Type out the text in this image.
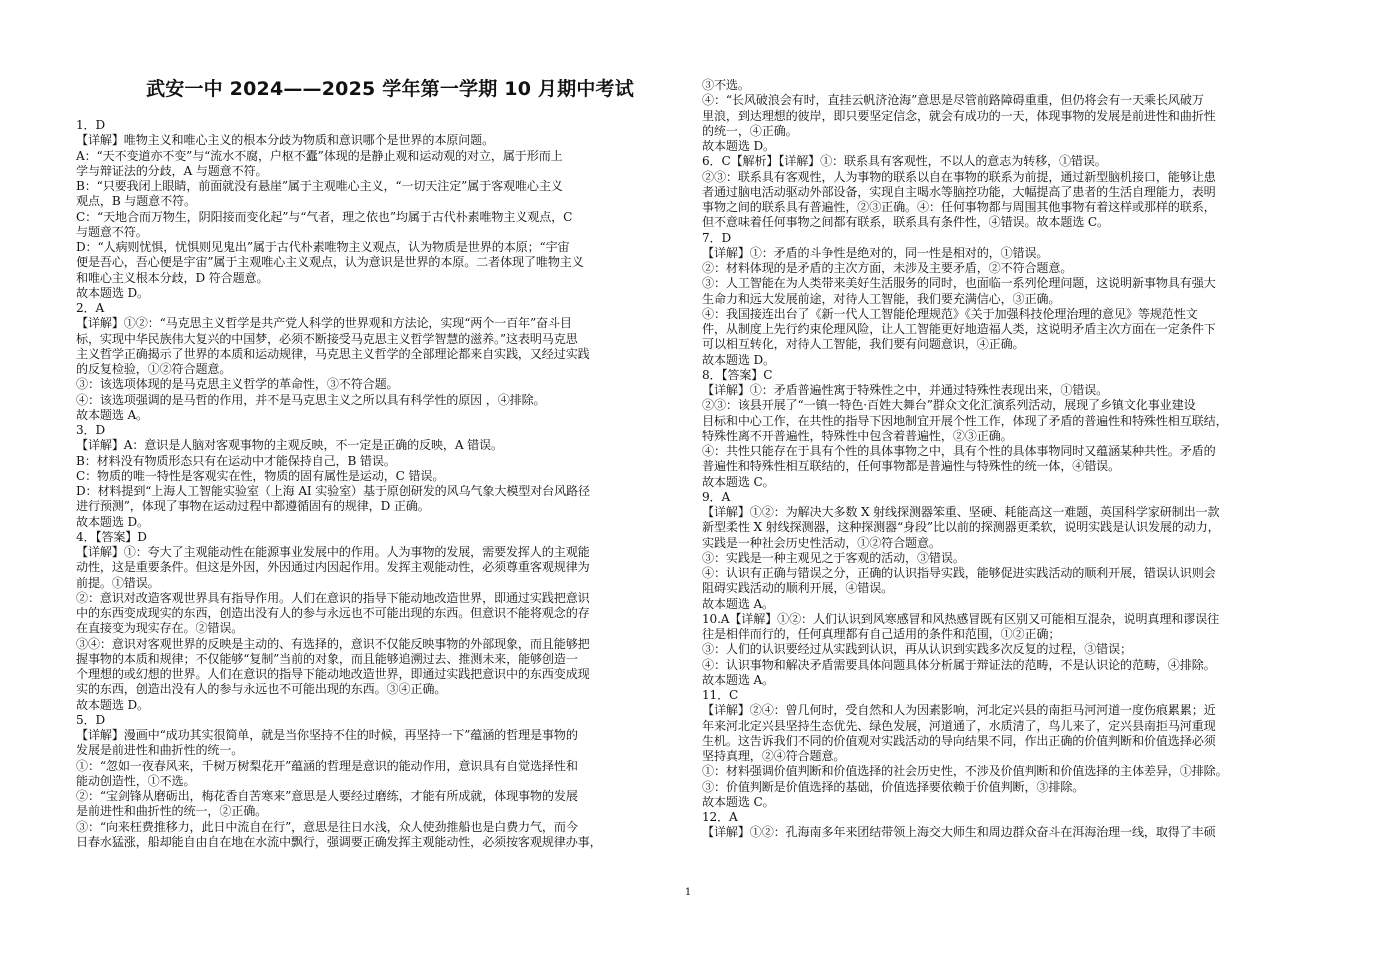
武安一中 2024——2025 学年第一学期 10 月期中考试
1．D
【详解】唯物主义和唯心主义的根本分歧为物质和意识哪个是世界的本原问题。
A：“天不变道亦不变”与“流水不腐，户枢不蠹”体现的是静止观和运动观的对立，属于形而上
学与辩证法的分歧，A 与题意不符。
B：“只要我闭上眼睛，前面就没有悬崖”属于主观唯心主义，“一切天注定”属于客观唯心主义
观点，B 与题意不符。
C：“天地合而万物生，阴阳接而变化起”与“气者，理之依也”均属于古代朴素唯物主义观点，C
与题意不符。
D：“人病则忧惧，忧惧则见鬼出”属于古代朴素唯物主义观点，认为物质是世界的本原；“宇宙
便是吾心，吾心便是宇宙”属于主观唯心主义观点，认为意识是世界的本原。二者体现了唯物主义
和唯心主义根本分歧，D 符合题意。
故本题选 D。
2．A
【详解】①②：“马克思主义哲学是共产党人科学的世界观和方法论，实现“两个一百年”奋斗目
标，实现中华民族伟大复兴的中国梦，必须不断接受马克思主义哲学智慧的滋养。”这表明马克思
主义哲学正确揭示了世界的本质和运动规律，马克思主义哲学的全部理论都来自实践，又经过实践
的反复检验，①②符合题意。
③：该选项体现的是马克思主义哲学的革命性，③不符合题。
④：该选项强调的是马哲的作用，并不是马克思主义之所以具有科学性的原因 ，④排除。
故本题选 A。
3．D
【详解】A：意识是人脑对客观事物的主观反映，不一定是正确的反映，A 错误。
B：材料没有物质形态只有在运动中才能保持自己，B 错误。
C：物质的唯一特性是客观实在性，物质的固有属性是运动，C 错误。
D：材料提到“上海人工智能实验室（上海 AI 实验室）基于原创研发的风乌气象大模型对台风路径
进行预测”，体现了事物在运动过程中都遵循固有的规律，D 正确。
故本题选 D。
4．【答案】D
【详解】①：夸大了主观能动性在能源事业发展中的作用。人为事物的发展，需要发挥人的主观能
动性，这是重要条件。但这是外因，外因通过内因起作用。发挥主观能动性，必须尊重客观规律为
前提。①错误。
②：意识对改造客观世界具有指导作用。人们在意识的指导下能动地改造世界，即通过实践把意识
中的东西变成现实的东西，创造出没有人的参与永远也不可能出现的东西。但意识不能将观念的存
在直接变为现实存在。②错误。
③④：意识对客观世界的反映是主动的、有选择的，意识不仅能反映事物的外部现象，而且能够把
握事物的本质和规律；不仅能够“复制”当前的对象，而且能够追溯过去、推测未来，能够创造一
个理想的或幻想的世界。人们在意识的指导下能动地改造世界，即通过实践把意识中的东西变成现
实的东西，创造出没有人的参与永远也不可能出现的东西。③④正确。
故本题选 D。
5．D
【详解】漫画中“成功其实很简单，就是当你坚持不住的时候，再坚持一下”蕴涵的哲理是事物的
发展是前进性和曲折性的统一。
①：“忽如一夜春风来，千树万树梨花开”蕴涵的哲理是意识的能动作用，意识具有自觉选择性和
能动创造性，①不选。
②：“宝剑锋从磨砺出，梅花香自苦寒来”意思是人要经过磨练，才能有所成就，体现事物的发展
是前进性和曲折性的统一，②正确。
③：“向来枉费推移力，此日中流自在行”，意思是往日水浅，众人使劲推船也是白费力气，而今
日春水猛涨，船却能自由自在地在水流中飘行，强调要正确发挥主观能动性，必须按客观规律办事，
③不选。
④：“长风破浪会有时，直挂云帆济沧海”意思是尽管前路障碍重重，但仍将会有一天乘长风破万
里浪，到达理想的彼岸，即只要坚定信念，就会有成功的一天，体现事物的发展是前进性和曲折性
的统一，④正确。
故本题选 D。
6．C【解析】【详解】①：联系具有客观性，不以人的意志为转移，①错误。
②③：联系具有客观性，人为事物的联系以自在事物的联系为前提，通过新型脑机接口，能够让患
者通过脑电活动驱动外部设备，实现自主喝水等脑控功能，大幅提高了患者的生活自理能力，表明
事物之间的联系具有普遍性，②③正确。④：任何事物都与周围其他事物有着这样或那样的联系，
但不意味着任何事物之间都有联系，联系具有条件性，④错误。故本题选 C。
7．D
【详解】①：矛盾的斗争性是绝对的，同一性是相对的，①错误。
②：材料体现的是矛盾的主次方面，未涉及主要矛盾，②不符合题意。
③：人工智能在为人类带来美好生活服务的同时，也面临一系列伦理问题，这说明新事物具有强大
生命力和远大发展前途，对待人工智能，我们要充满信心，③正确。
④：我国接连出台了《新一代人工智能伦理规范》《关于加强科技伦理治理的意见》等规范性文
件，从制度上先行约束伦理风险，让人工智能更好地造福人类，这说明矛盾主次方面在一定条件下
可以相互转化，对待人工智能，我们要有问题意识，④正确。
故本题选 D。
8．【答案】C
【详解】①：矛盾普遍性寓于特殊性之中，并通过特殊性表现出来，①错误。
②③：该县开展了“一镇一特色·百姓大舞台”群众文化汇演系列活动，展现了乡镇文化事业建设
目标和中心工作，在共性的指导下因地制宜开展个性工作，体现了矛盾的普遍性和特殊性相互联结，
特殊性离不开普遍性，特殊性中包含着普遍性，②③正确。
④：共性只能存在于具有个性的具体事物之中，具有个性的具体事物同时又蕴涵某种共性。矛盾的
普遍性和特殊性相互联结的，任何事物都是普遍性与特殊性的统一体，④错误。
故本题选 C。
9．A
【详解】①②：为解决大多数 X 射线探测器笨重、坚硬、耗能高这一难题，英国科学家研制出一款
新型柔性 X 射线探测器，这种探测器“身段”比以前的探测器更柔软，说明实践是认识发展的动力，
实践是一种社会历史性活动，①②符合题意。
③：实践是一种主观见之于客观的活动，③错误。
④：认识有正确与错误之分，正确的认识指导实践，能够促进实践活动的顺利开展，错误认识则会
阻碍实践活动的顺利开展，④错误。
故本题选 A。
10.A【详解】①②：人们认识到风寒感冒和风热感冒既有区别又可能相互混杂，说明真理和谬误往
往是相伴而行的，任何真理都有自己适用的条件和范围，①②正确；
③：人们的认识要经过从实践到认识，再从认识到实践多次反复的过程，③错误；
④：认识事物和解决矛盾需要具体问题具体分析属于辩证法的范畴，不是认识论的范畴，④排除。
故本题选 A。
11．C
【详解】②④：曾几何时，受自然和人为因素影响，河北定兴县的南拒马河河道一度伤痕累累；近
年来河北定兴县坚持生态优先、绿色发展，河道通了，水质清了，鸟儿来了，定兴县南拒马河重现
生机。这告诉我们不同的价值观对实践活动的导向结果不同，作出正确的价值判断和价值选择必须
坚持真理，②④符合题意。
①：材料强调价值判断和价值选择的社会历史性，不涉及价值判断和价值选择的主体差异，①排除。
③：价值判断是价值选择的基础，价值选择要依赖于价值判断，③排除。
故本题选 C。
12．A
【详解】①②：孔海南多年来团结带领上海交大师生和周边群众奋斗在洱海治理一线，取得了丰硕
1
